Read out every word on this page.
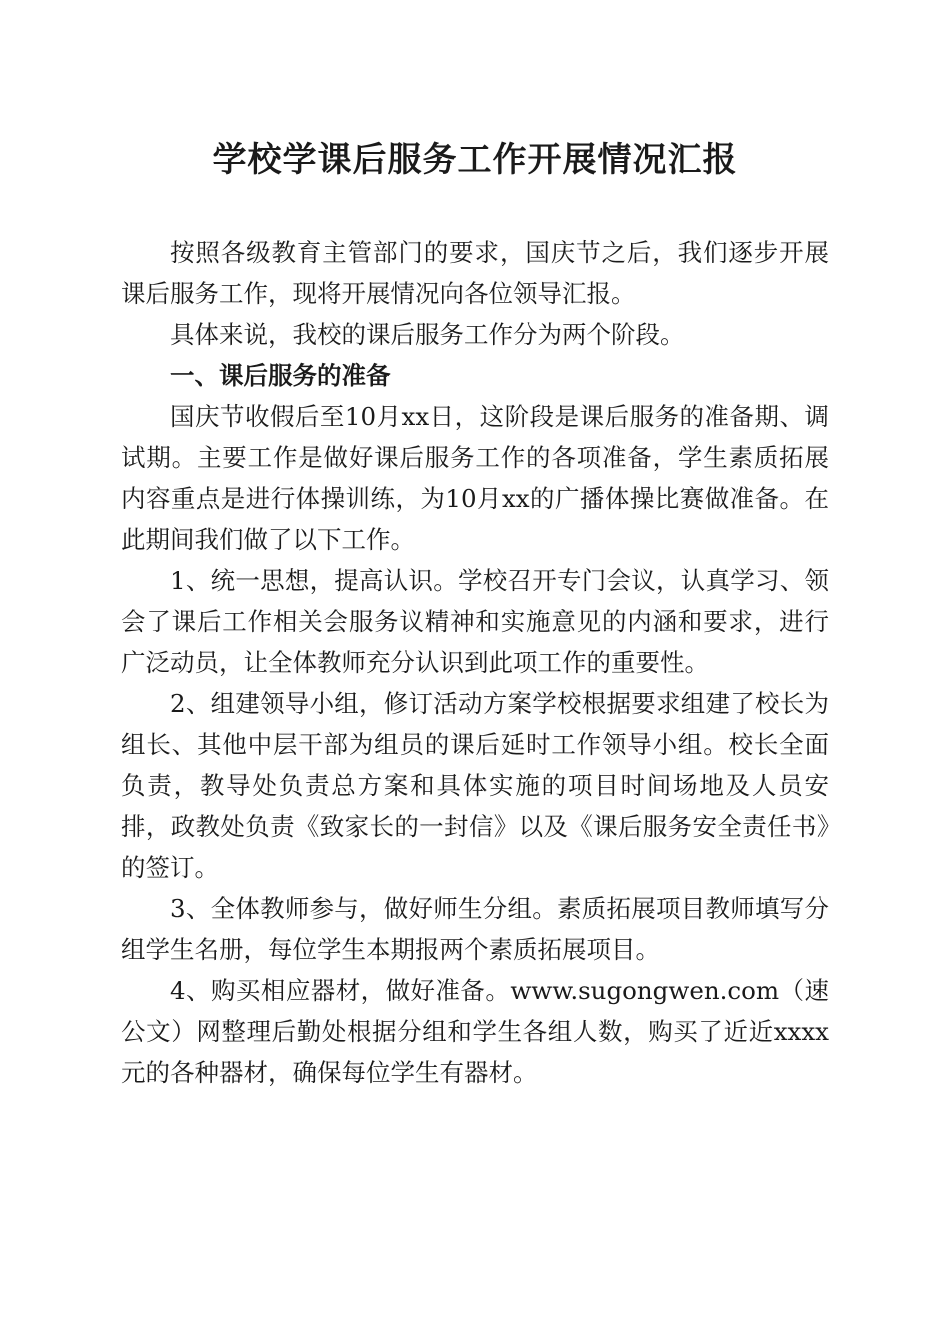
学校学课后服务工作开展情况汇报

按照各级教育主管部门的要求，国庆节之后，我们逐步开展课后服务工作，现将开展情况向各位领导汇报。

具体来说，我校的课后服务工作分为两个阶段。

一、课后服务的准备

国庆节收假后至10月xx日，这阶段是课后服务的准备期、调试期。主要工作是做好课后服务工作的各项准备，学生素质拓展内容重点是进行体操训练，为10月xx的广播体操比赛做准备。在此期间我们做了以下工作。

1、统一思想，提高认识。学校召开专门会议，认真学习、领会了课后工作相关会服务议精神和实施意见的内涵和要求，进行广泛动员，让全体教师充分认识到此项工作的重要性。

2、组建领导小组，修订活动方案学校根据要求组建了校长为组长、其他中层干部为组员的课后延时工作领导小组。校长全面负责，教导处负责总方案和具体实施的项目时间场地及人员安排，政教处负责《致家长的一封信》以及《课后服务安全责任书》的签订。

3、全体教师参与，做好师生分组。素质拓展项目教师填写分组学生名册，每位学生本期报两个素质拓展项目。

4、购买相应器材，做好准备。www.sugongwen.com（速公文）网整理后勤处根据分组和学生各组人数，购买了近近xxxx元的各种器材，确保每位学生有器材。
